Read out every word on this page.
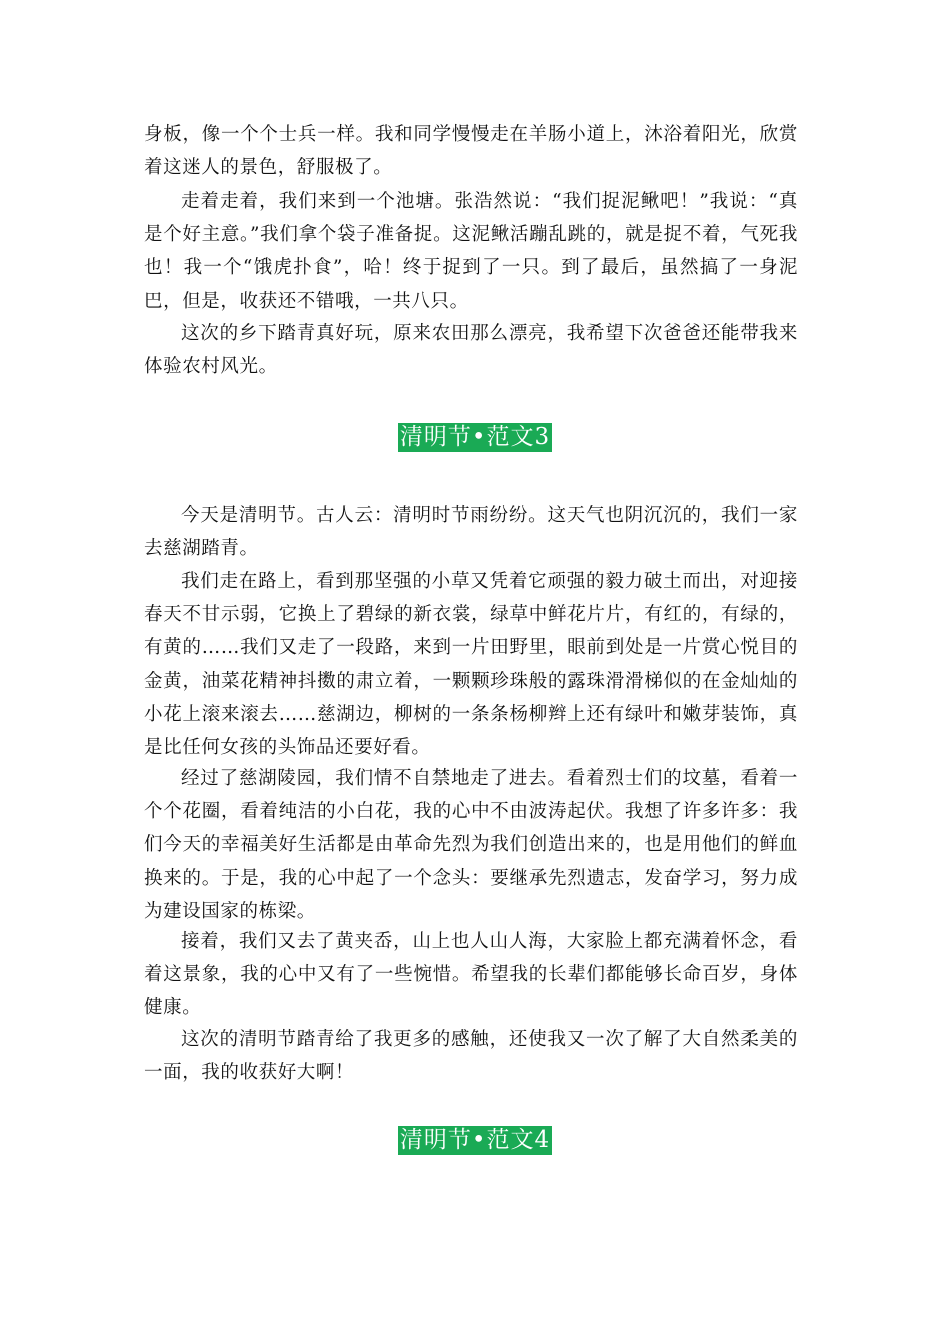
身板，像一个个士兵一样。我和同学慢慢走在羊肠小道上，沐浴着阳光，欣赏着这迷人的景色，舒服极了。

走着走着，我们来到一个池塘。张浩然说：“我们捉泥鳅吧！”我说：“真是个好主意。”我们拿个袋子准备捉。这泥鳅活蹦乱跳的，就是捉不着，气死我也！我一个“饿虎扑食”，哈！终于捉到了一只。到了最后，虽然搞了一身泥巴，但是，收获还不错哦，一共八只。

这次的乡下踏青真好玩，原来农田那么漂亮，我希望下次爸爸还能带我来体验农村风光。

清明节•范文3

今天是清明节。古人云：清明时节雨纷纷。这天气也阴沉沉的，我们一家去慈湖踏青。

我们走在路上，看到那坚强的小草又凭着它顽强的毅力破土而出，对迎接春天不甘示弱，它换上了碧绿的新衣裳，绿草中鲜花片片，有红的，有绿的，有黄的……我们又走了一段路，来到一片田野里，眼前到处是一片赏心悦目的金黄，油菜花精神抖擞的肃立着，一颗颗珍珠般的露珠滑滑梯似的在金灿灿的小花上滚来滚去……慈湖边，柳树的一条条杨柳辫上还有绿叶和嫩芽装饰，真是比任何女孩的头饰品还要好看。

经过了慈湖陵园，我们情不自禁地走了进去。看着烈士们的坟墓，看着一个个花圈，看着纯洁的小白花，我的心中不由波涛起伏。我想了许多许多：我们今天的幸福美好生活都是由革命先烈为我们创造出来的，也是用他们的鲜血换来的。于是，我的心中起了一个念头：要继承先烈遗志，发奋学习，努力成为建设国家的栋梁。

接着，我们又去了黄夹岙，山上也人山人海，大家脸上都充满着怀念，看着这景象，我的心中又有了一些惋惜。希望我的长辈们都能够长命百岁，身体健康。

这次的清明节踏青给了我更多的感触，还使我又一次了解了大自然柔美的一面，我的收获好大啊！

清明节•范文4
